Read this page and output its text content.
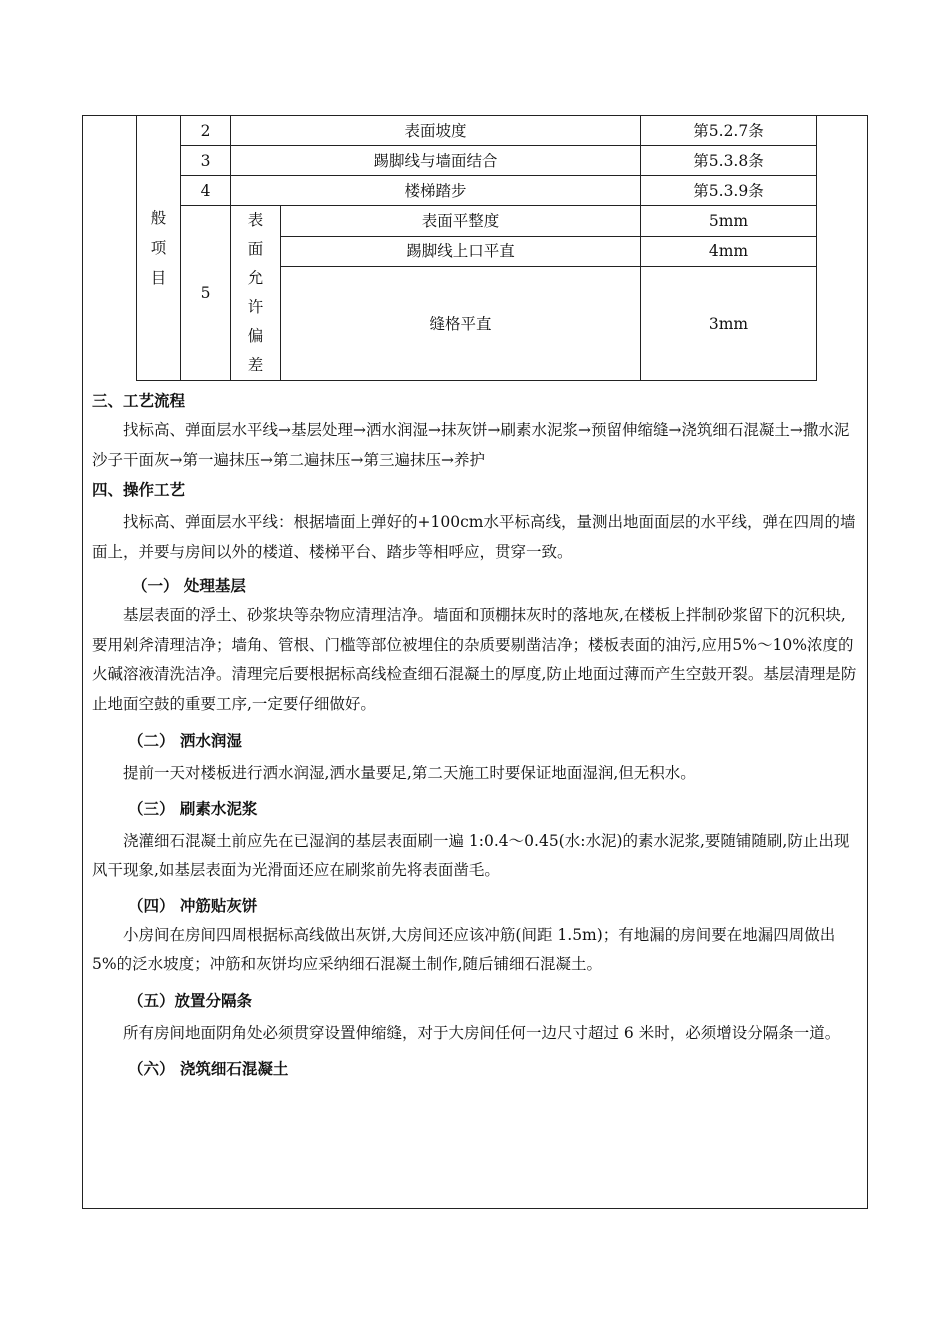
般项目	2	表面坡度		第5.2.7条
	3	踢脚线与墙面结合		第5.3.8条
	4	楼梯踏步		第5.3.9条
	5	表面允许偏差	表面平整度	5mm
			踢脚线上口平直	4mm
			缝格平直	3mm

三、工艺流程

找标高、弹面层水平线→基层处理→洒水润湿→抹灰饼→刷素水泥浆→预留伸缩缝→浇筑细石混凝土→撒水泥沙子干面灰→第一遍抹压→第二遍抹压→第三遍抹压→养护

四、操作工艺

找标高、弹面层水平线：根据墙面上弹好的+100cm水平标高线，量测出地面面层的水平线，弹在四周的墙面上，并要与房间以外的楼道、楼梯平台、踏步等相呼应，贯穿一致。

（一） 处理基层

基层表面的浮土、砂浆块等杂物应清理洁净。墙面和顶棚抹灰时的落地灰,在楼板上拌制砂浆留下的沉积块,要用剁斧清理洁净；墙角、管根、门槛等部位被埋住的杂质要剔凿洁净；楼板表面的油污,应用5%～10%浓度的火碱溶液清洗洁净。清理完后要根据标高线检查细石混凝土的厚度,防止地面过薄而产生空鼓开裂。基层清理是防止地面空鼓的重要工序,一定要仔细做好。

（二） 洒水润湿

提前一天对楼板进行洒水润湿,洒水量要足,第二天施工时要保证地面湿润,但无积水。

（三） 刷素水泥浆

浇灌细石混凝土前应先在已湿润的基层表面刷一遍 1:0.4～0.45(水:水泥)的素水泥浆,要随铺随刷,防止出现风干现象,如基层表面为光滑面还应在刷浆前先将表面凿毛。

（四） 冲筋贴灰饼

小房间在房间四周根据标高线做出灰饼,大房间还应该冲筋(间距 1.5m)；有地漏的房间要在地漏四周做出 5%的泛水坡度；冲筋和灰饼均应采纳细石混凝土制作,随后铺细石混凝土。

（五）放置分隔条

所有房间地面阴角处必须贯穿设置伸缩缝，对于大房间任何一边尺寸超过 6 米时，必须增设分隔条一道。

（六） 浇筑细石混凝土
